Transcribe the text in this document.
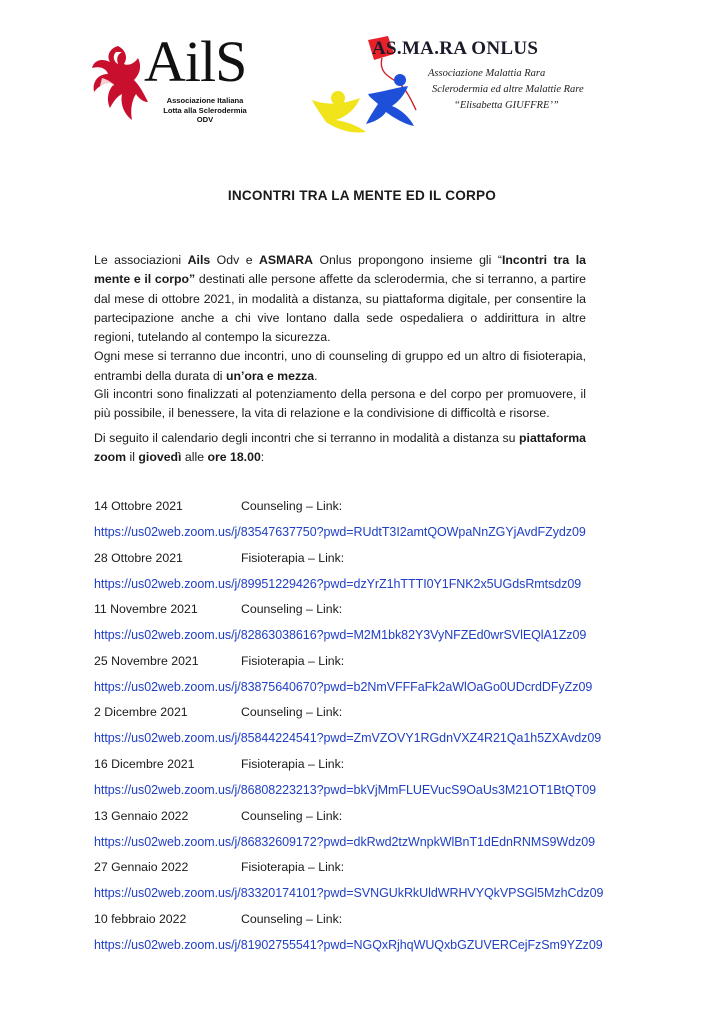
AilS
Associazione Italiana
Lotta alla Sclerodermia
ODV
AS.MA.RA ONLUS
Associazione Malattia Rara
Sclerodermia ed altre Malattie Rare
“Elisabetta GIUFFRE’”
INCONTRI TRA LA MENTE ED IL CORPO

Le associazioni Ails Odv e ASMARA Onlus propongono insieme gli “Incontri tra la mente e il corpo” destinati alle persone affette da sclerodermia, che si terranno, a partire dal mese di ottobre 2021, in modalità a distanza, su piattaforma digitale, per consentire la partecipazione anche a chi vive lontano dalla sede ospedaliera o addirittura in altre regioni, tutelando al contempo la sicurezza.
Ogni mese si terranno due incontri, uno di counseling di gruppo ed un altro di fisioterapia, entrambi della durata di un’ora e mezza.

Gli incontri sono finalizzati al potenziamento della persona e del corpo per promuovere, il più possibile, il benessere, la vita di relazione e la condivisione di difficoltà e risorse.

Di seguito il calendario degli incontri che si terranno in modalità a distanza su piattaforma zoom il giovedì alle ore 18.00:

14 Ottobre 2021	Counseling – Link:
https://us02web.zoom.us/j/83547637750?pwd=RUdtT3I2amtQOWpaNnZGYjAvdFZydz09
28 Ottobre 2021	Fisioterapia – Link:
https://us02web.zoom.us/j/89951229426?pwd=dzYrZ1hTTTI0Y1FNK2x5UGdsRmtsdz09
11 Novembre 2021	Counseling – Link:
https://us02web.zoom.us/j/82863038616?pwd=M2M1bk82Y3VyNFZEd0wrSVlEQlA1Zz09
25 Novembre 2021	Fisioterapia – Link:
https://us02web.zoom.us/j/83875640670?pwd=b2NmVFFFaFk2aWlOaGo0UDcrdDFyZz09
2 Dicembre 2021	Counseling – Link:
https://us02web.zoom.us/j/85844224541?pwd=ZmVZOVY1RGdnVXZ4R21Qa1h5ZXAvdz09
16 Dicembre 2021	Fisioterapia – Link:
https://us02web.zoom.us/j/86808223213?pwd=bkVjMmFLUEVucS9OaUs3M21OT1BtQT09
13 Gennaio 2022	Counseling – Link:
https://us02web.zoom.us/j/86832609172?pwd=dkRwd2tzWnpkWlBnT1dEdnRNMS9Wdz09
27 Gennaio 2022	Fisioterapia – Link:
https://us02web.zoom.us/j/83320174101?pwd=SVNGUkRkUldWRHVYQkVPSGl5MzhCdz09
10 febbraio 2022	Counseling – Link:
https://us02web.zoom.us/j/81902755541?pwd=NGQxRjhqWUQxbGZUVERCejFzSm9YZz09
